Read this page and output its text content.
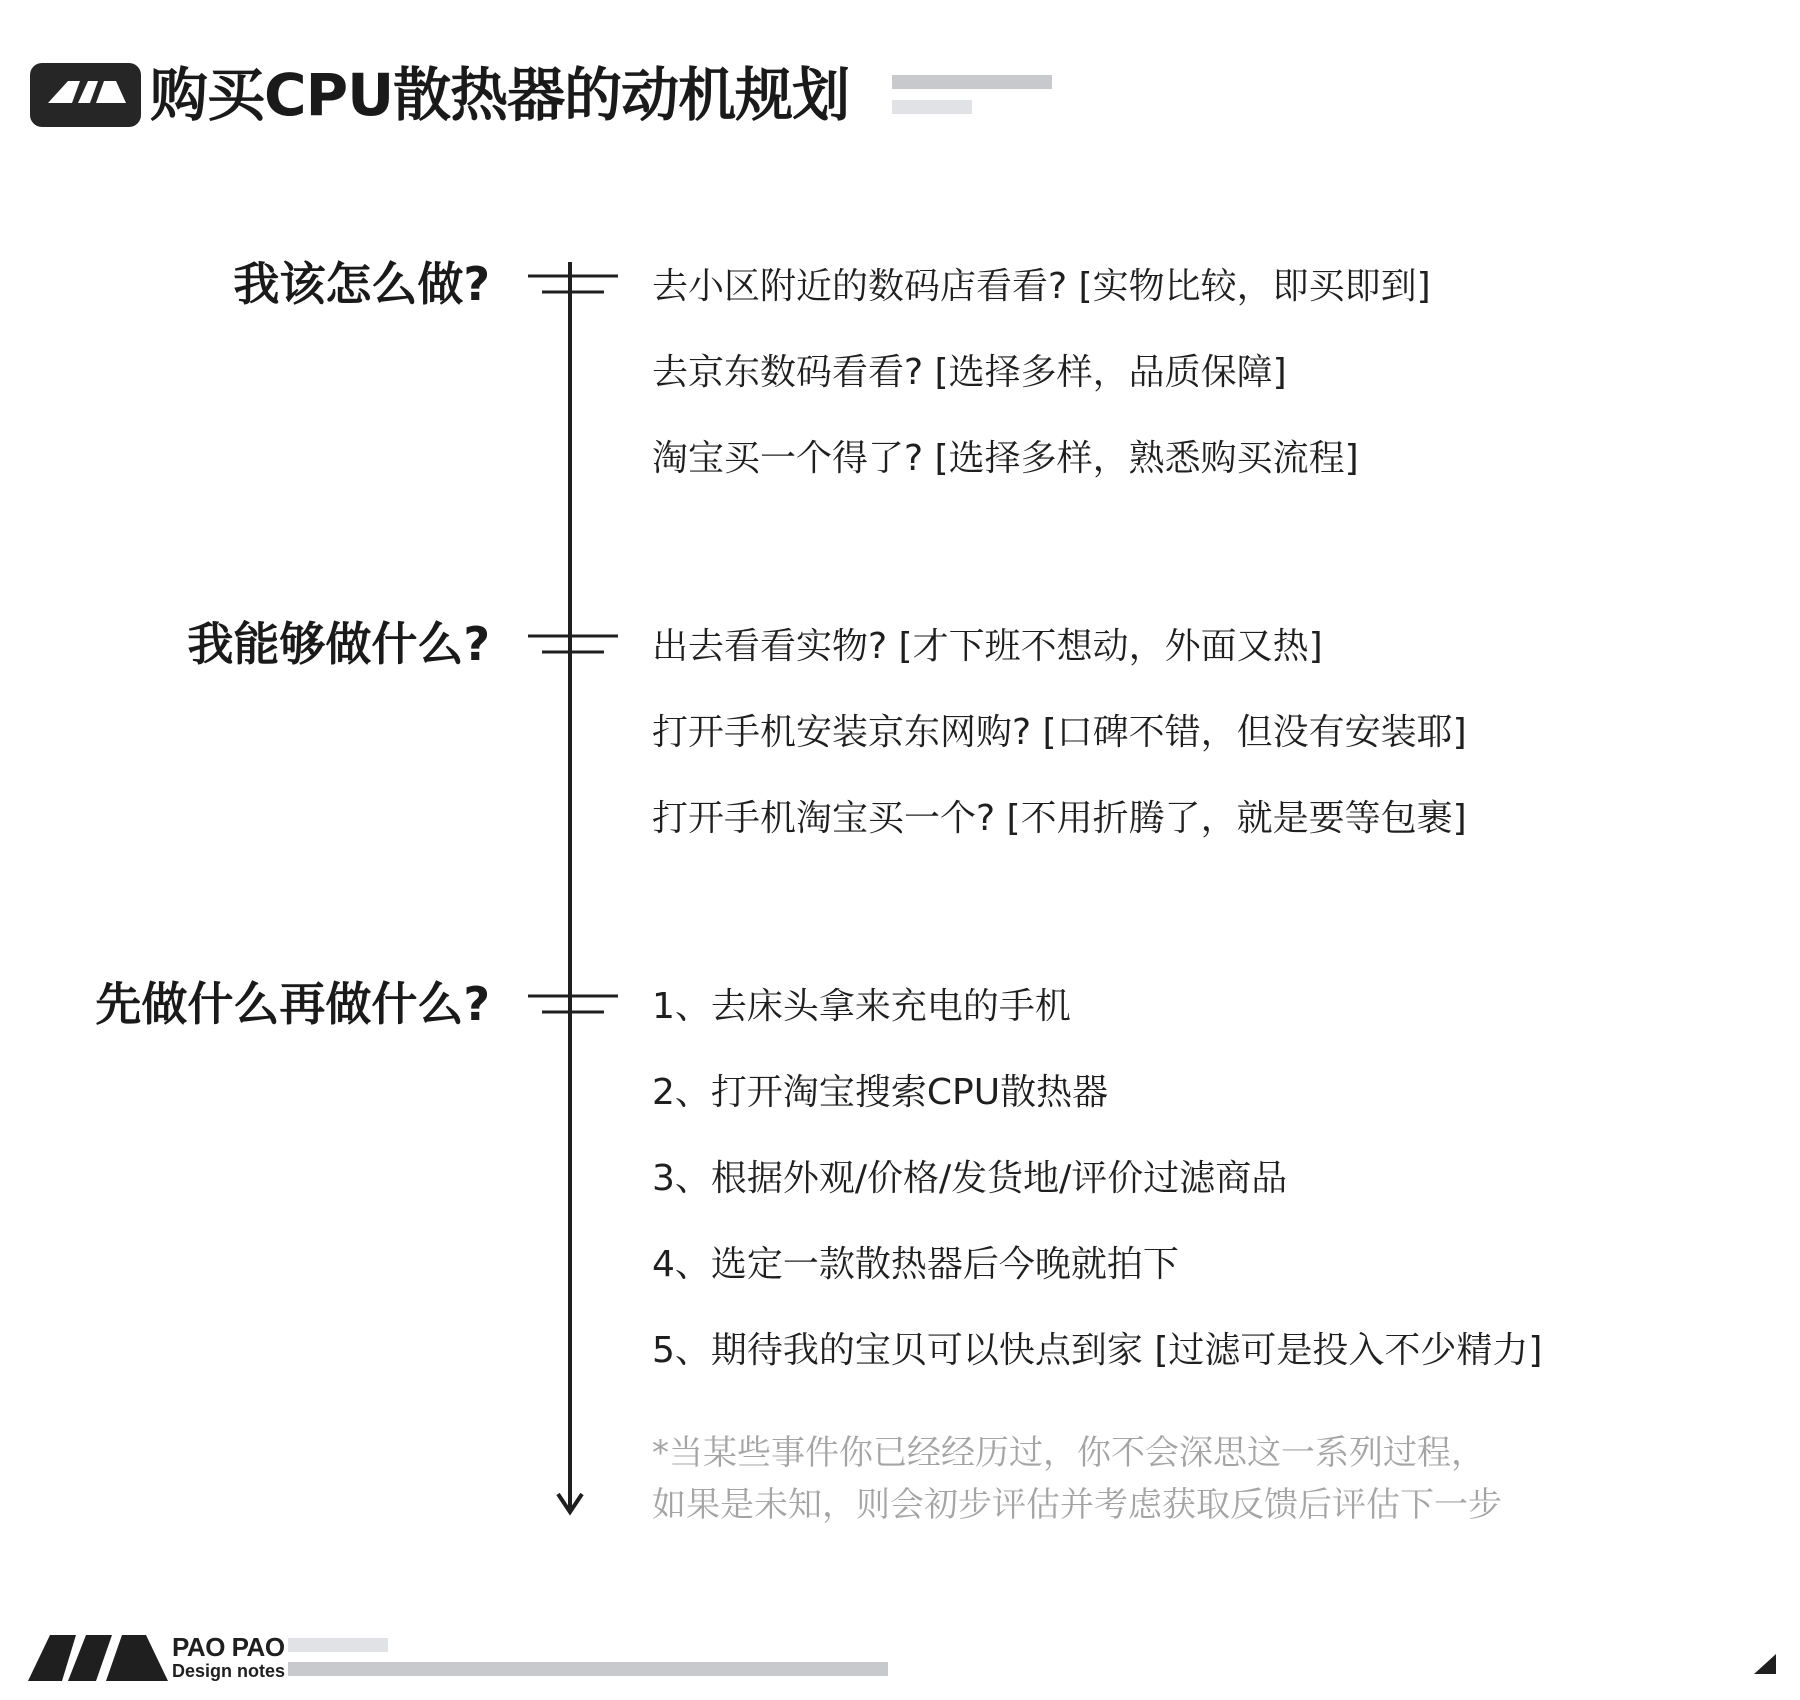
购买CPU散热器的动机规划
我该怎么做?	去小区附近的数码店看看? [实物比较，即买即到]
去京东数码看看? [选择多样，品质保障]
淘宝买一个得了? [选择多样，熟悉购买流程]
我能够做什么?	出去看看实物? [才下班不想动，外面又热]
打开手机安装京东网购? [口碑不错，但没有安装耶]
打开手机淘宝买一个? [不用折腾了，就是要等包裹]
先做什么再做什么?	1、去床头拿来充电的手机
2、打开淘宝搜索CPU散热器
3、根据外观/价格/发货地/评价过滤商品
4、选定一款散热器后今晚就拍下
5、期待我的宝贝可以快点到家 [过滤可是投入不少精力]
*当某些事件你已经经历过，你不会深思这一系列过程，
如果是未知，则会初步评估并考虑获取反馈后评估下一步
PAO PAO
Design notes
